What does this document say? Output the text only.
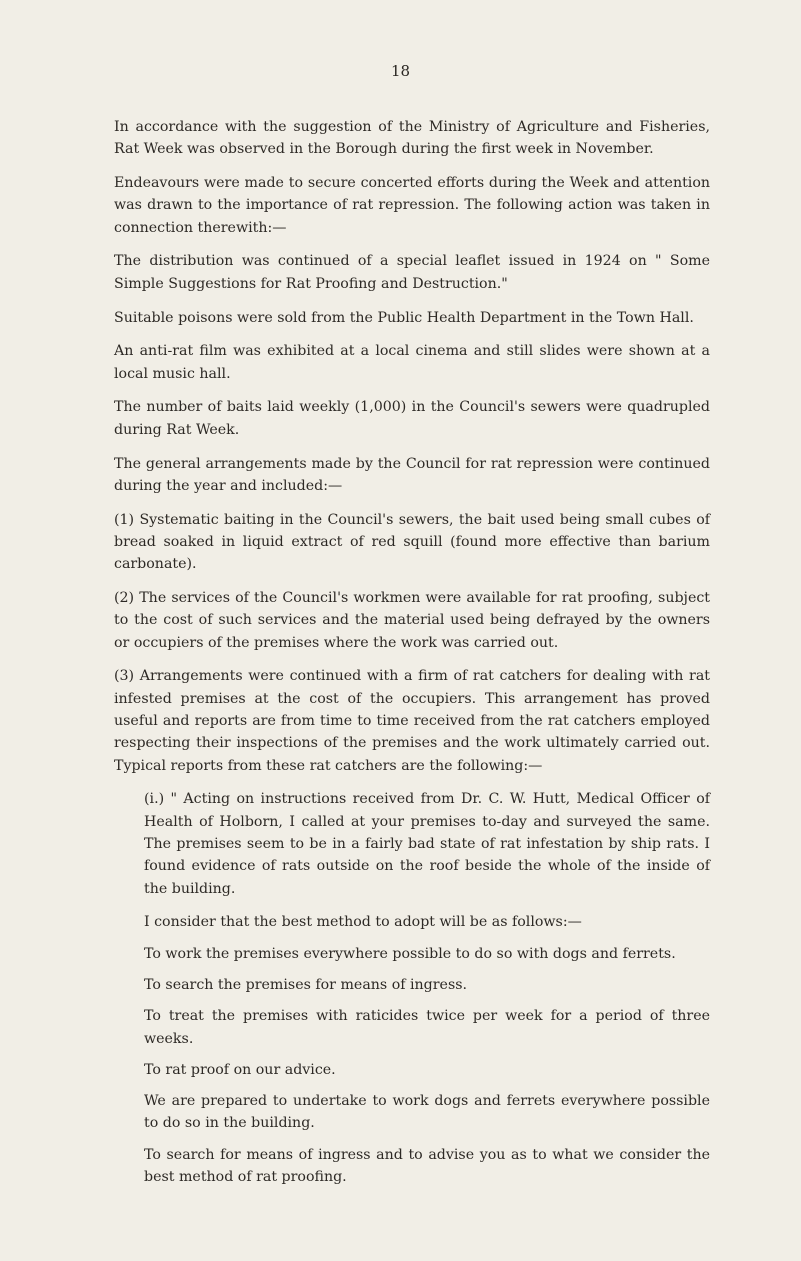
18

In accordance with the suggestion of the Ministry of Agriculture and Fisheries, Rat Week was observed in the Borough during the first week in November.

Endeavours were made to secure concerted efforts during the Week and attention was drawn to the importance of rat repression. The following action was taken in connection therewith:—

The distribution was continued of a special leaflet issued in 1924 on " Some Simple Suggestions for Rat Proofing and Destruction."

Suitable poisons were sold from the Public Health Department in the Town Hall.

An anti-rat film was exhibited at a local cinema and still slides were shown at a local music hall.

The number of baits laid weekly (1,000) in the Council's sewers were quadrupled during Rat Week.

The general arrangements made by the Council for rat repression were continued during the year and included:—

(1) Systematic baiting in the Council's sewers, the bait used being small cubes of bread soaked in liquid extract of red squill (found more effective than barium carbonate).

(2) The services of the Council's workmen were available for rat proofing, subject to the cost of such services and the material used being defrayed by the owners or occupiers of the premises where the work was carried out.

(3) Arrangements were continued with a firm of rat catchers for dealing with rat infested premises at the cost of the occupiers. This arrangement has proved useful and reports are from time to time received from the rat catchers employed respecting their inspections of the premises and the work ultimately carried out. Typical reports from these rat catchers are the following:—

(i.) " Acting on instructions received from Dr. C. W. Hutt, Medical Officer of Health of Holborn, I called at your premises to-day and surveyed the same. The premises seem to be in a fairly bad state of rat infestation by ship rats. I found evidence of rats outside on the roof beside the whole of the inside of the building.

I consider that the best method to adopt will be as follows:—

To work the premises everywhere possible to do so with dogs and ferrets.

To search the premises for means of ingress.

To treat the premises with raticides twice per week for a period of three weeks.

To rat proof on our advice.

We are prepared to undertake to work dogs and ferrets everywhere possible to do so in the building.

To search for means of ingress and to advise you as to what we consider the best method of rat proofing.
